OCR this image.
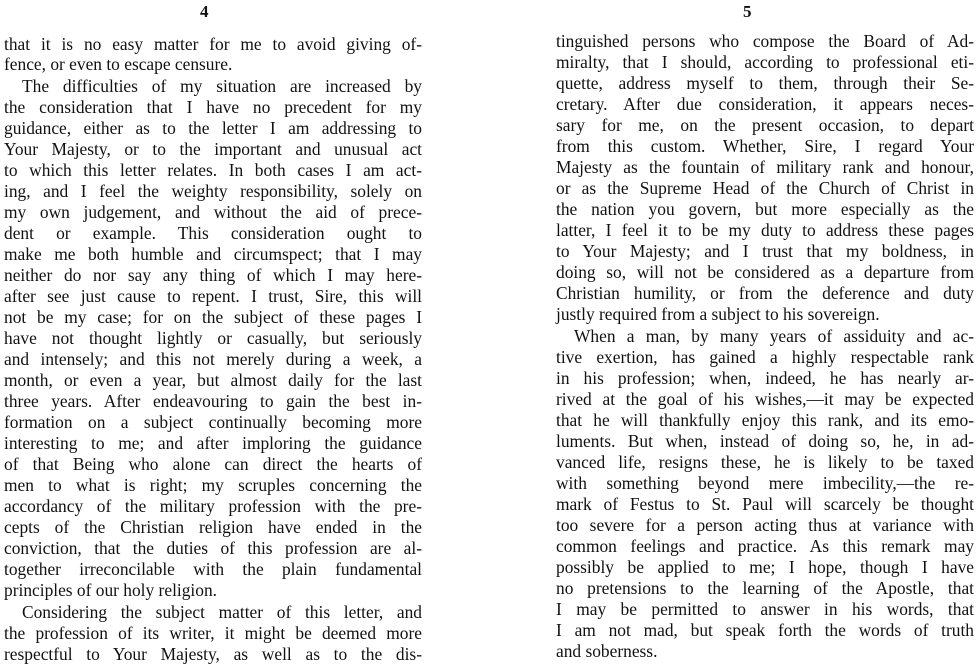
4
that it is no easy matter for me to avoid giving of-
fence, or even to escape censure.
The difficulties of my situation are increased by
the consideration that I have no precedent for my
guidance, either as to the letter I am addressing to
Your Majesty, or to the important and unusual act
to which this letter relates. In both cases I am act-
ing, and I feel the weighty responsibility, solely on
my own judgement, and without the aid of prece-
dent or example. This consideration ought to
make me both humble and circumspect; that I may
neither do nor say any thing of which I may here-
after see just cause to repent. I trust, Sire, this will
not be my case; for on the subject of these pages I
have not thought lightly or casually, but seriously
and intensely; and this not merely during a week, a
month, or even a year, but almost daily for the last
three years. After endeavouring to gain the best in-
formation on a subject continually becoming more
interesting to me; and after imploring the guidance
of that Being who alone can direct the hearts of
men to what is right; my scruples concerning the
accordancy of the military profession with the pre-
cepts of the Christian religion have ended in the
conviction, that the duties of this profession are al-
together irreconcilable with the plain fundamental
principles of our holy religion.
Considering the subject matter of this letter, and
the profession of its writer, it might be deemed more
respectful to Your Majesty, as well as to the dis-
5
tinguished persons who compose the Board of Ad-
miralty, that I should, according to professional eti-
quette, address myself to them, through their Se-
cretary. After due consideration, it appears neces-
sary for me, on the present occasion, to depart
from this custom. Whether, Sire, I regard Your
Majesty as the fountain of military rank and honour,
or as the Supreme Head of the Church of Christ in
the nation you govern, but more especially as the
latter, I feel it to be my duty to address these pages
to Your Majesty; and I trust that my boldness, in
doing so, will not be considered as a departure from
Christian humility, or from the deference and duty
justly required from a subject to his sovereign.
When a man, by many years of assiduity and ac-
tive exertion, has gained a highly respectable rank
in his profession; when, indeed, he has nearly ar-
rived at the goal of his wishes,—it may be expected
that he will thankfully enjoy this rank, and its emo-
luments. But when, instead of doing so, he, in ad-
vanced life, resigns these, he is likely to be taxed
with something beyond mere imbecility,—the re-
mark of Festus to St. Paul will scarcely be thought
too severe for a person acting thus at variance with
common feelings and practice. As this remark may
possibly be applied to me; I hope, though I have
no pretensions to the learning of the Apostle, that
I may be permitted to answer in his words, that
I am not mad, but speak forth the words of truth
and soberness.
